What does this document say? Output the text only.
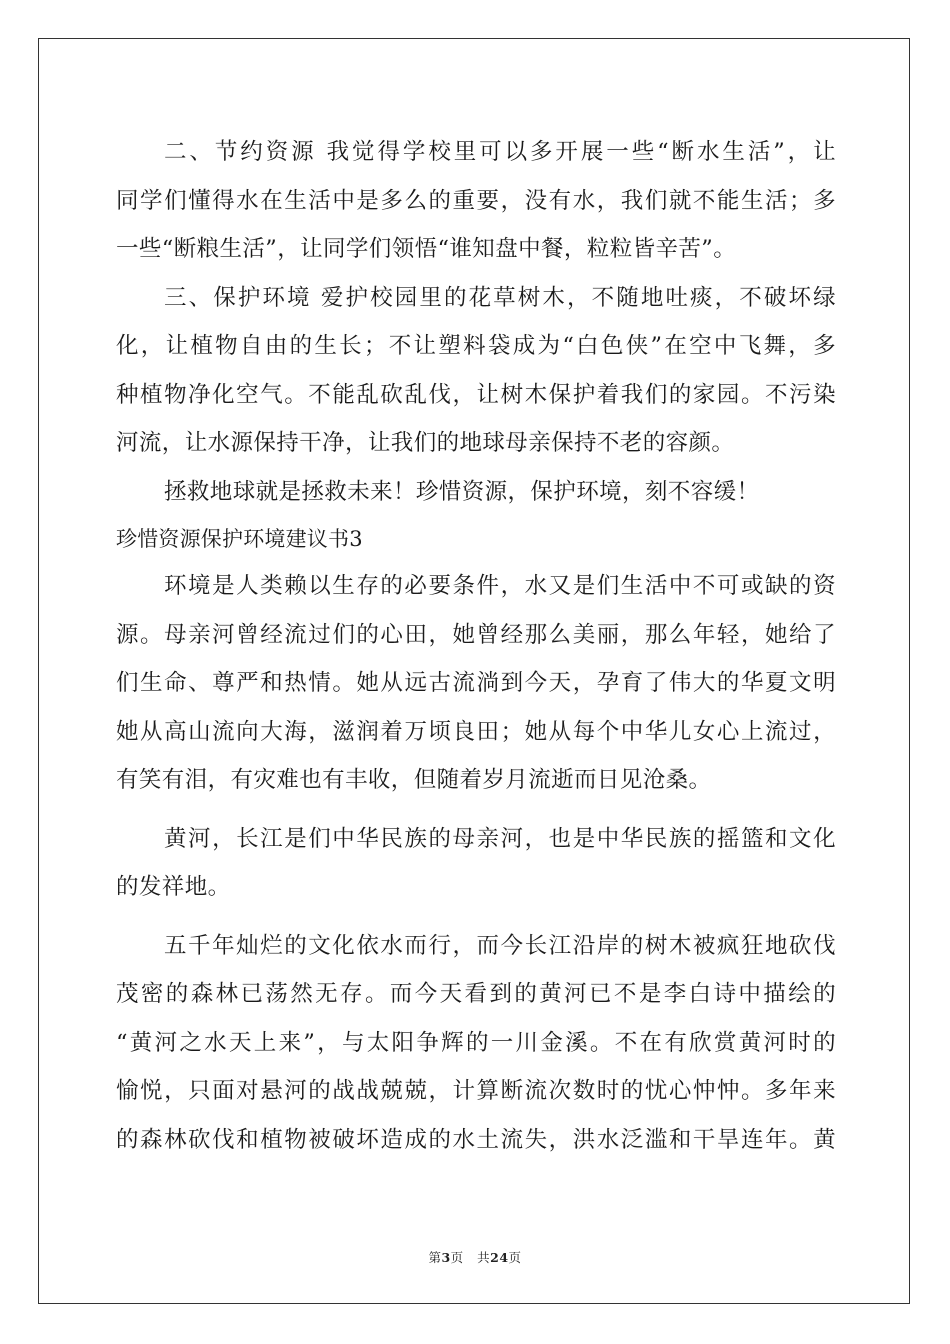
二、节约资源 我觉得学校里可以多开展一些“断水生活”，让
同学们懂得水在生活中是多么的重要，没有水，我们就不能生活；多
一些“断粮生活”，让同学们领悟“谁知盘中餐，粒粒皆辛苦”。
三、保护环境 爱护校园里的花草树木，不随地吐痰，不破坏绿
化，让植物自由的生长；不让塑料袋成为“白色侠”在空中飞舞，多
种植物净化空气。不能乱砍乱伐，让树木保护着我们的家园。不污染
河流，让水源保持干净，让我们的地球母亲保持不老的容颜。
拯救地球就是拯救未来！珍惜资源，保护环境，刻不容缓！
珍惜资源保护环境建议书3
环境是人类赖以生存的必要条件，水又是们生活中不可或缺的资
源。母亲河曾经流过们的心田，她曾经那么美丽，那么年轻，她给了
们生命、尊严和热情。她从远古流淌到今天，孕育了伟大的华夏文明
她从高山流向大海，滋润着万顷良田；她从每个中华儿女心上流过，
有笑有泪，有灾难也有丰收，但随着岁月流逝而日见沧桑。
黄河，长江是们中华民族的母亲河，也是中华民族的摇篮和文化
的发祥地。
五千年灿烂的文化依水而行，而今长江沿岸的树木被疯狂地砍伐
茂密的森林已荡然无存。而今天看到的黄河已不是李白诗中描绘的
“黄河之水天上来”，与太阳争辉的一川金溪。不在有欣赏黄河时的
愉悦，只面对悬河的战战兢兢，计算断流次数时的忧心忡忡。多年来
的森林砍伐和植物被破坏造成的水土流失，洪水泛滥和干旱连年。黄
第3页 共24页
